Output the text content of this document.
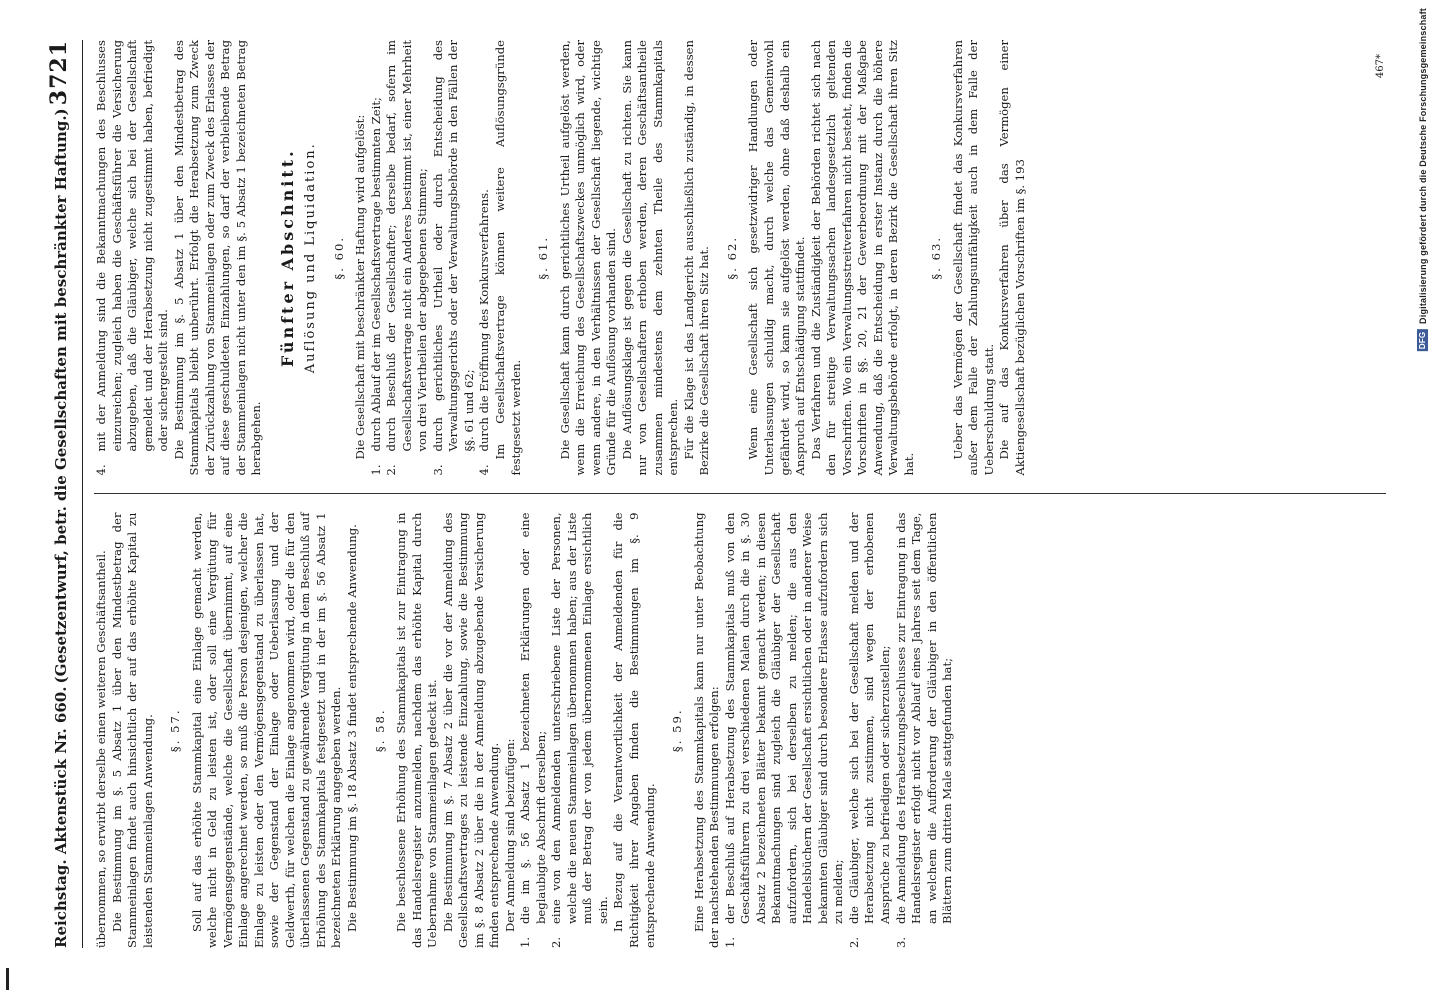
Reichstag. Aktenstück Nr. 660.
(Gesetzentwurf, betr. die Gesellschaften mit beschränkter Haftung.)
3721

übernommen, so erwirbt derselbe einen weiteren Geschäftsantheil. Die Bestimmung im §. 5 Absatz 1 über den Mindestbetrag der Stammeinlagen findet auch hinsichtlich der auf das erhöhte Kapital zu leistenden Stammeinlagen Anwendung. §. 57. Soll auf das erhöhte Stammkapital eine Einlage gemacht werden, welche nicht in Geld zu leisten ist, oder soll eine Vergütung für Vermögensgegenstände, welche die Gesellschaft übernimmt, auf eine Einlage angerechnet werden, so muß die Person desjenigen, welcher die Einlage zu leisten oder den Vermögensgegenstand zu überlassen hat, sowie der Gegenstand der Einlage oder Ueberlassung und der Geldwerth, für welchen die Einlage angenommen wird, oder die für den überlassenen Gegenstand zu gewährende Vergütung in dem Beschluß auf Erhöhung des Stammkapitals festgesetzt und in der im §. 56 Absatz 1 bezeichneten Erklärung angegeben werden. Die Bestimmung im §. 18 Absatz 3 findet entsprechende Anwendung. §. 58. Die beschlossene Erhöhung des Stammkapitals ist zur Eintragung in das Handelsregister anzumelden, nachdem das erhöhte Kapital durch Uebernahme von Stammeinlagen gedeckt ist. Die Bestimmung im §. 7 Absatz 2 über die vor der Anmeldung des Gesellschaftsvertrages zu leistende Einzahlung, sowie die Bestimmung im §. 8 Absatz 2 über die in der Anmeldung abzugebende Versicherung finden entsprechende Anwendung. Der Anmeldung sind beizufügen:

1.
die im §. 56 Absatz 1 bezeichneten Erklärungen oder eine beglaubigte Abschrift derselben;

2.
eine von den Anmeldenden unterschriebene Liste der Personen, welche die neuen Stammeinlagen übernommen haben; aus der Liste muß der Betrag der von jedem übernommenen Einlage ersichtlich sein. In Bezug auf die Verantwortlichkeit der Anmeldenden für die Richtigkeit ihrer Angaben finden die Bestimmungen im §. 9 entsprechende Anwendung.

§. 59. Eine Herabsetzung des Stammkapitals kann nur unter Beobachtung der nachstehenden Bestimmungen erfolgen: 1.
der Beschluß auf Herabsetzung des Stammkapitals muß von den Geschäftsführern zu drei verschiedenen Malen durch die in §. 30 Absatz 2 bezeichneten Blätter bekannt gemacht werden; in diesen Bekanntmachungen sind zugleich die Gläubiger der Gesellschaft aufzufordern, sich bei derselben zu melden; die aus den Handelsbüchern der Gesellschaft ersichtlichen oder in anderer Weise bekannten Gläubiger sind durch besondere Erlasse aufzufordern sich zu melden;

2.
die Gläubiger, welche sich bei der Gesellschaft melden und der Herabsetzung nicht zustimmen, sind wegen der erhobenen Ansprüche zu befriedigen oder sicherzustellen;

3.
die Anmeldung des Herabsetzungsbeschlusses zur Eintragung in das Handelsregister erfolgt nicht vor Ablauf eines Jahres seit dem Tage, an welchem die Aufforderung der Gläubiger in den öffentlichen Blättern zum dritten Male stattgefunden hat;

4.
mit der Anmeldung sind die Bekanntmachungen des Beschlusses einzureichen; zugleich haben die Geschäftsführer die Versicherung abzugeben, daß die Gläubiger, welche sich bei der Gesellschaft gemeldet und der Herabsetzung nicht zugestimmt haben, befriedigt oder sichergestellt sind. Die Bestimmung im §. 5 Absatz 1 über den Mindestbetrag des Stammkapitals bleibt unberührt. Erfolgt die Herabsetzung zum Zweck der Zurückzahlung von Stammeinlagen oder zum Zweck des Erlasses der auf diese geschuldeten Einzahlungen, so darf der verbleibende Betrag der Stammeinlagen nicht unter den im §. 5 Absatz 1 bezeichneten Betrag herabgehen.

Fünfter Abschnitt. Auflösung und Liquidation. §. 60. Die Gesellschaft mit beschränkter Haftung wird aufgelöst:

1.
durch Ablauf der im Gesellschaftsvertrage bestimmten Zeit;

2.
durch Beschluß der Gesellschafter; derselbe bedarf, sofern im Gesellschaftsvertrage nicht ein Anderes bestimmt ist, einer Mehrheit von drei Viertheilen der abgegebenen Stimmen;

3.
durch gerichtliches Urtheil oder durch Entscheidung des Verwaltungsgerichts oder der Verwaltungsbehörde in den Fällen der §§. 61 und 62;

4.
durch die Eröffnung des Konkursverfahrens. Im Gesellschaftsvertrage können weitere Auflösungsgründe festgesetzt werden.

§. 61. Die Gesellschaft kann durch gerichtliches Urtheil aufgelöst werden, wenn die Erreichung des Gesellschaftszweckes unmöglich wird, oder wenn andere, in den Verhältnissen der Gesellschaft liegende, wichtige Gründe für die Auflösung vorhanden sind. Die Auflösungsklage ist gegen die Gesellschaft zu richten. Sie kann nur von Gesellschaftern erhoben werden, deren Geschäftsantheile zusammen mindestens dem zehnten Theile des Stammkapitals entsprechen. Für die Klage ist das Landgericht ausschließlich zuständig, in dessen Bezirke die Gesellschaft ihren Sitz hat. §. 62. Wenn eine Gesellschaft sich gesetzwidriger Handlungen oder Unterlassungen schuldig macht, durch welche das Gemeinwohl gefährdet wird, so kann sie aufgelöst werden, ohne daß deshalb ein Anspruch auf Entschädigung stattfindet. Das Verfahren und die Zuständigkeit der Behörden richtet sich nach den für streitige Verwaltungssachen landesgesetzlich geltenden Vorschriften. Wo ein Verwaltungsstreitverfahren nicht besteht, finden die Vorschriften in §§. 20, 21 der Gewerbeordnung mit der Maßgabe Anwendung, daß die Entscheidung in erster Instanz durch die höhere Verwaltungsbehörde erfolgt, in deren Bezirk die Gesellschaft ihren Sitz hat.

§. 63. Ueber das Vermögen der Gesellschaft findet das Konkursverfahren außer dem Falle der Zahlungsunfähigkeit auch in dem Falle der Ueberschuldung statt. Die auf das Konkursverfahren über das Vermögen einer Aktiengesellschaft bezüglichen Vorschriften im §. 193

467*
DFG Digitalisierung gefördert durch die Deutsche Forschungsgemeinschaft
